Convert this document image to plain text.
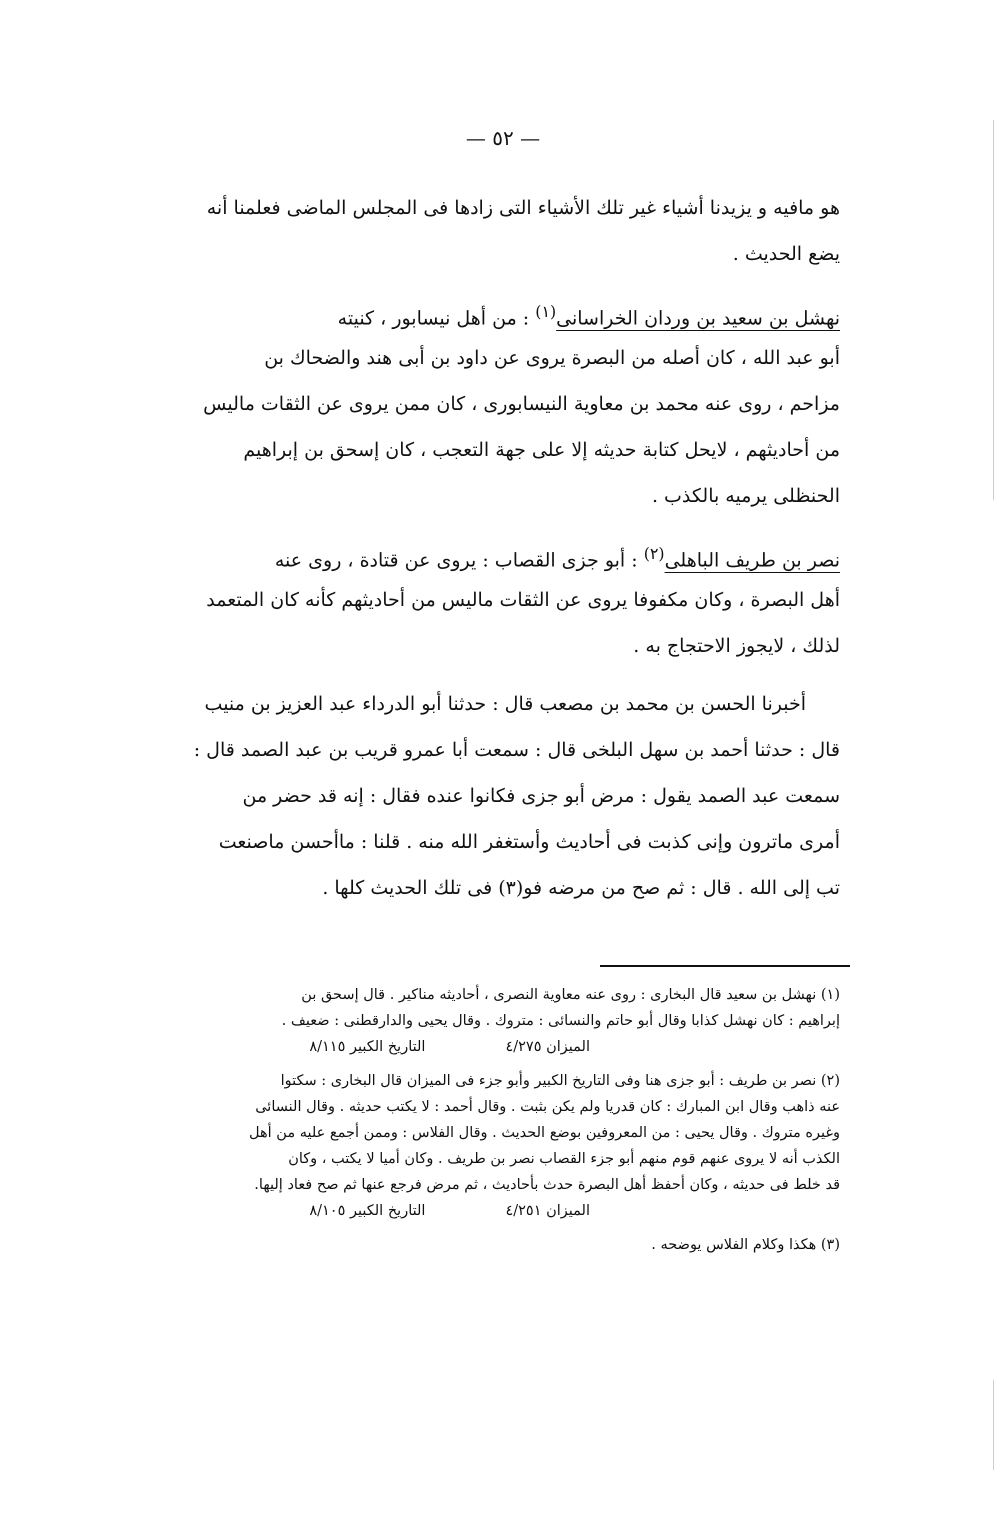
— ٥٢ —
هو مافيه و يزيدنا أشياء غير تلك الأشياء التى زادها فى المجلس الماضى فعلمنا أنه
يضع الحديث .
نهشل بن سعيد بن وردان الخراسانى$^{(١)}$ : من أهل نيسابور ، كنيته
أبو عبد الله ، كان أصله من البصرة يروى عن داود بن أبى هند والضحاك بن
مزاحم ، روى عنه محمد بن معاوية النيسابورى ، كان ممن يروى عن الثقات ماليس
من أحاديثهم ، لايحل كتابة حديثه إلا على جهة التعجب ، كان إسحق بن إبراهيم
الحنظلى يرميه بالكذب .
نصر بن طريف الباهلى$^{(٢)}$ : أبو جزى القصاب : يروى عن قتادة ، روى عنه
أهل البصرة ، وكان مكفوفا يروى عن الثقات ماليس من أحاديثهم كأنه كان المتعمد
لذلك ، لايجوز الاحتجاج به .
أخبرنا الحسن بن محمد بن مصعب قال : حدثنا أبو الدرداء عبد العزيز بن منيب
قال : حدثنا أحمد بن سهل البلخى قال : سمعت أبا عمرو قريب بن عبد الصمد قال :
سمعت عبد الصمد يقول : مرض أبو جزى فكانوا عنده فقال : إنه قد حضر من
أمرى ماترون وإنى كذبت فى أحاديث وأستغفر الله منه . قلنا : ماأحسن ماصنعت
تب إلى الله . قال : ثم صح من مرضه فو(٣) فى تلك الحديث كلها .
(١) نهشل بن سعيد قال البخارى : روى عنه معاوية النصرى ، أحاديثه مناكير . قال إسحق بن
إبراهيم : كان نهشل كذابا وقال أبو حاتم والنسائى : متروك . وقال يحيى والدارقطنى : ضعيف .
الميزان ٤/٢٧٥
التاريخ الكبير ٨/١١٥
(٢) نصر بن طريف : أبو جزى هنا وفى التاريخ الكبير وأبو جزء فى الميزان قال البخارى : سكتوا
عنه ذاهب وقال ابن المبارك : كان قدريا ولم يكن بثبت . وقال أحمد : لا يكتب حديثه . وقال النسائى
وغيره متروك . وقال يحيى : من المعروفين بوضع الحديث . وقال الفلاس : وممن أجمع عليه من أهل
الكذب أنه لا يروى عنهم قوم منهم أبو جزء القصاب نصر بن طريف . وكان أميا لا يكتب ، وكان
قد خلط فى حديثه ، وكان أحفظ أهل البصرة حدث بأحاديث ، ثم مرض فرجع عنها ثم صح فعاد إليها.
الميزان ٤/٢٥١
التاريخ الكبير ٨/١٠٥
(٣) هكذا وكلام الفلاس يوضحه .
